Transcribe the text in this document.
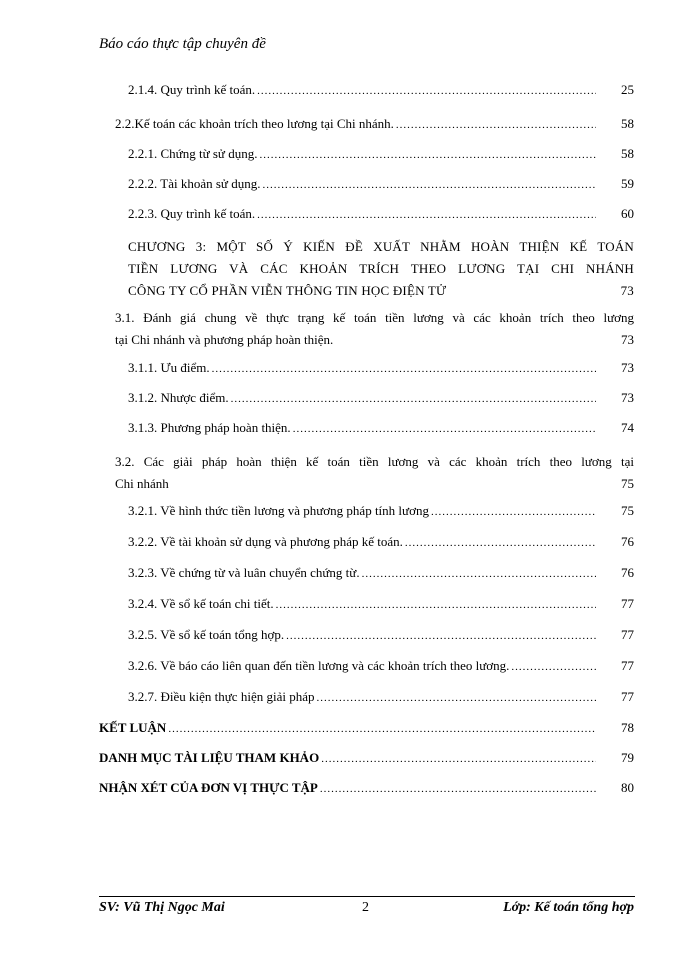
Báo cáo thực tập chuyên đề
2.1.4. Quy trình kế toán. .....	25
2.2.Kế toán các khoản trích theo lương tại Chi nhánh. .....	58
2.2.1. Chứng từ sử dụng. .....	58
2.2.2. Tài khoản sử dụng. .....	59
2.2.3. Quy trình kế toán. .....	60
CHƯƠNG 3: MỘT SỐ Ý KIẾN ĐỀ XUẤT NHẰM HOÀN THIỆN KẾ TOÁN
TIỀN LƯƠNG VÀ CÁC KHOẢN TRÍCH THEO LƯƠNG TẠI CHI NHÁNH
CÔNG TY CỔ PHẦN VIỄN THÔNG TIN HỌC ĐIỆN TỬ	73
3.1. Đánh giá chung về thực trạng kế toán tiền lương và các khoản trích theo lương
tại Chi nhánh và phương pháp hoàn thiện.	73
3.1.1. Ưu điểm. .....	73
3.1.2. Nhược điểm. .....	73
3.1.3. Phương pháp hoàn thiện. .....	74
3.2. Các giải pháp hoàn thiện kế toán tiền lương và các khoản trích theo lương tại
Chi nhánh	75
3.2.1. Về hình thức tiền lương và phương pháp tính lương .....	75
3.2.2. Về tài khoản sử dụng và phương pháp kế toán. .....	76
3.2.3. Về chứng từ và luân chuyển chứng từ. .....	76
3.2.4. Về sổ kế toán chi tiết. .....	77
3.2.5. Về sổ kế toán tổng hợp. .....	77
3.2.6. Về báo cáo liên quan đến tiền lương và các khoản trích theo lương. .....	77
3.2.7. Điều kiện thực hiện giải pháp .....	77
KẾT LUẬN .....	78
DANH MỤC TÀI LIỆU THAM KHẢO .....	79
NHẬN XÉT CỦA ĐƠN VỊ THỰC TẬP .....	80
SV: Vũ Thị Ngọc Mai	2	Lớp: Kế toán tổng hợp
